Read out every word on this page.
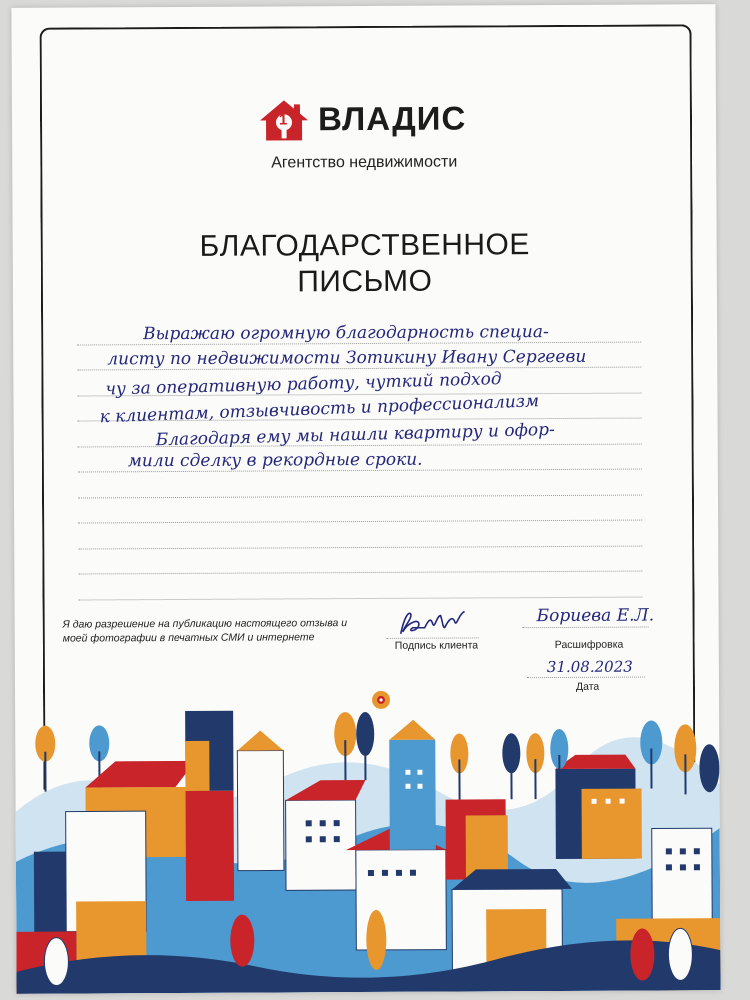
1 ВЛАДИС
Агентство недвижимости
БЛАГОДАРСТВЕННОЕ
ПИСЬМО
Выражаю огромную благодарность специа-
листу по недвижимости Зотикину Ивану Сергееви
чу за оперативную работу, чуткий подход
к клиентам, отзывчивость и профессионализм
Благодаря ему мы нашли квартиру и офор-
мили сделку в рекордные сроки.
Я даю разрешение на публикацию настоящего отзыва и моей фотографии в печатных СМИ и интернете
Подпись клиента
Бориева Е.Л.
Расшифровка
31.08.2023
Дата
